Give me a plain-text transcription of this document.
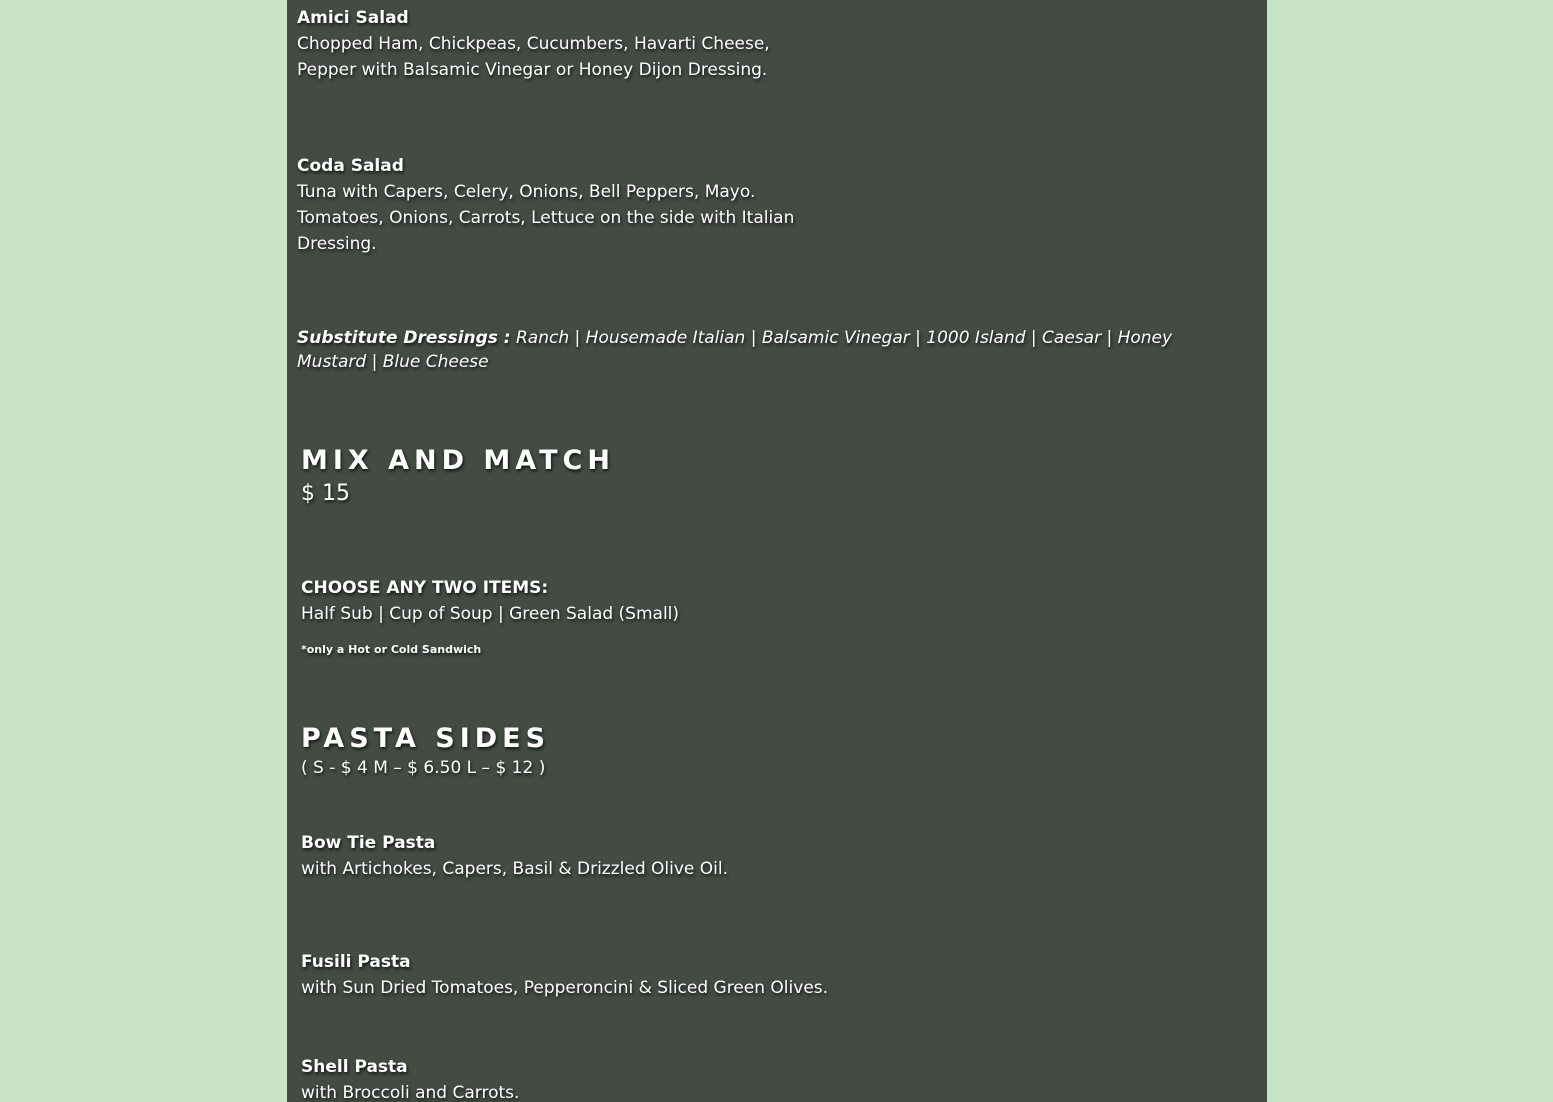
Amici Salad
Chopped Ham, Chickpeas, Cucumbers, Havarti Cheese,
Pepper with Balsamic Vinegar or Honey Dijon Dressing.
Coda Salad
Tuna with Capers, Celery, Onions, Bell Peppers, Mayo.
Tomatoes, Onions, Carrots, Lettuce on the side with Italian
Dressing.
Substitute Dressings : Ranch | Housemade Italian | Balsamic Vinegar | 1000 Island | Caesar | Honey
Mustard | Blue Cheese
MIX AND MATCH
$ 15
CHOOSE ANY TWO ITEMS:
Half Sub | Cup of Soup | Green Salad (Small)
*only a Hot or Cold Sandwich
PASTA SIDES
( S - $ 4 M – $ 6.50 L – $ 12 )
Bow Tie Pasta
with Artichokes, Capers, Basil & Drizzled Olive Oil.
Fusili Pasta
with Sun Dried Tomatoes, Pepperoncini & Sliced Green Olives.
Shell Pasta
with Broccoli and Carrots.
